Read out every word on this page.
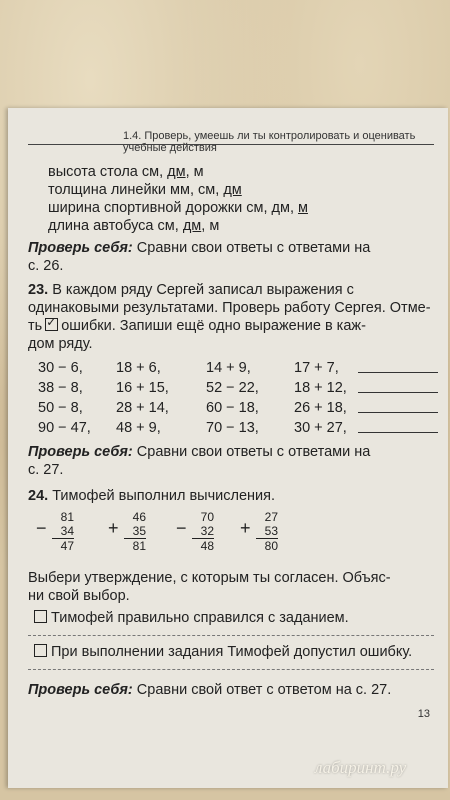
1.4. Проверь, умеешь ли ты контролировать и оценивать учебные действия
высота стола см, дм, м
толщина линейки мм, см, дм
ширина спортивной дорожки см, дм, м
длина автобуса см, дм, м
Проверь себя: Сравни свои ответы с ответами на
с. 26.
23. В каждом ряду Сергей записал выражения с
одинаковыми результатами. Проверь работу Сергея. Отме-
ть✓ ошибки. Запиши ещё одно выражение в каж-
дом ряду.
30 − 6, 18 + 6,	14 + 9,	17 + 7,
38 − 8, 16 + 15,	52 − 22, 18 + 12,
50 − 8, 28 + 14,	60 − 18, 26 + 18,
90 − 47, 48 + 9,	70 − 13, 30 + 27,
Проверь себя: Сравни свои ответы с ответами на
с. 27.
24. Тимофей выполнил вычисления.
−
81
34
47
+
46
35
81
−
70
32
48
+
27
53
80
Выбери утверждение, с которым ты согласен. Объяс-
ни свой выбор.
Тимофей правильно справился с заданием.
При выполнении задания Тимофей допустил ошибку.
Проверь себя: Сравни свой ответ с ответом на с. 27.
13
лабиринт.ру
